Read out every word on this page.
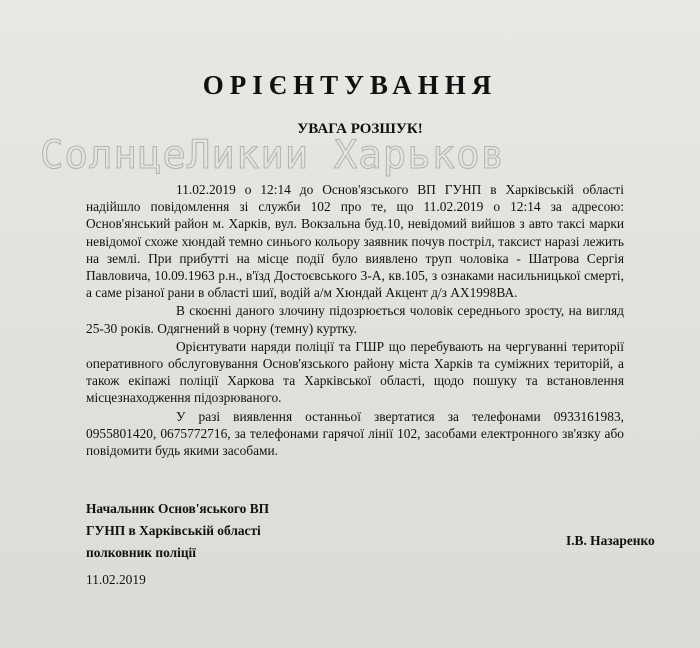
ОРІЄНТУВАННЯ
УВАГА РОЗШУК!
СолнцеЛикии Харьков

11.02.2019 о 12:14 до Основ'язського ВП ГУНП в Харківській області надійшло повідомлення зі служби 102 про те, що 11.02.2019 о 12:14 за адресою: Основ'янський район м. Харків, вул. Вокзальна буд.10, невідомий вийшов з авто таксі марки невідомої схоже хюндай темно синього кольору заявник почув постріл, таксист наразі лежить на землі. При прибутті на місце події було виявлено труп чоловіка - Шатрова Сергія Павловича, 10.09.1963 р.н., в'їзд Достоєвського 3-А, кв.105, з ознаками насильницької смерті, а саме різаної рани в області шиї, водій а/м Хюндай Акцент д/з АХ1998ВА.

В скоєнні даного злочину підозрюється чоловік середнього зросту, на вигляд 25-30 років. Одягнений в чорну (темну) куртку.

Орієнтувати наряди поліції та ГШР що перебувають на чергуванні території оперативного обслуговування Основ'язського району міста Харків та суміжних територій, а також екіпажі поліції Харкова та Харківської області, щодо пошуку та встановлення місцезнаходження підозрюваного.

У разі виявлення останньої звертатися за телефонами 0933161983, 0955801420, 0675772716, за телефонами гарячої лінії 102, засобами електронного зв'язку або повідомити будь якими засобами.

Начальник Основ'яського ВП
ГУНП в Харківській області
полковник поліції
І.В. Назаренко
11.02.2019
